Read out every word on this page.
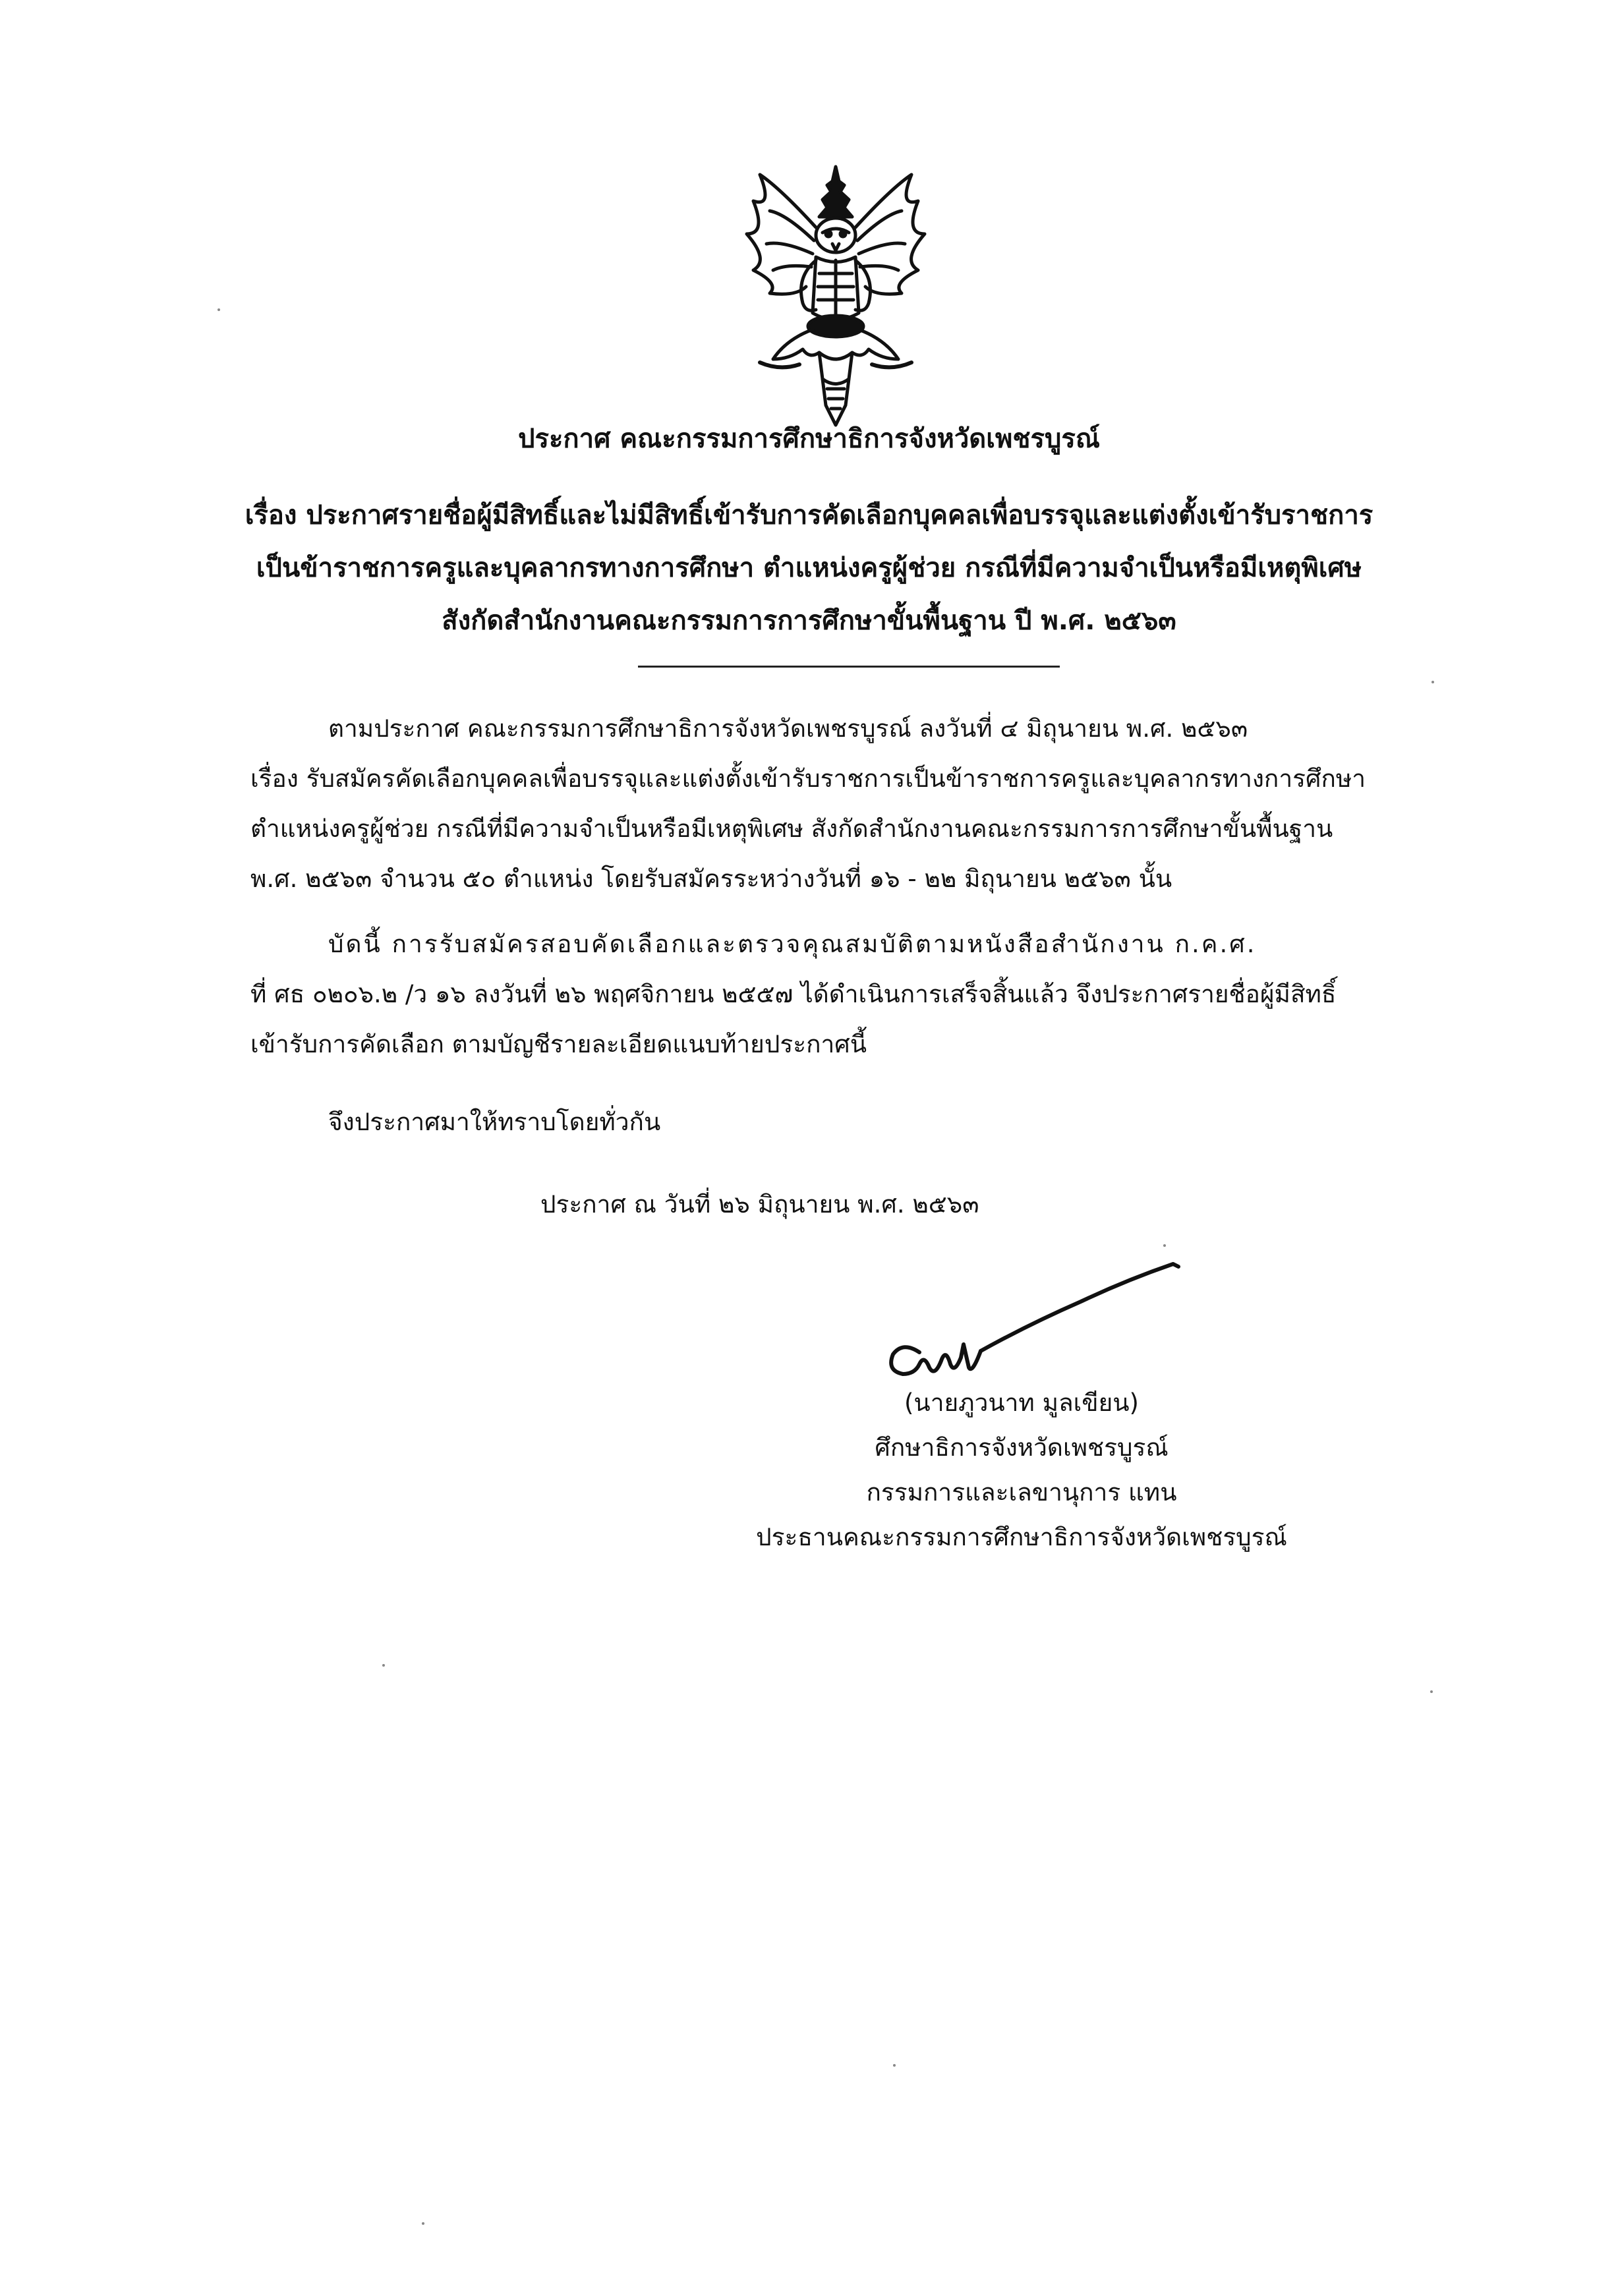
ประกาศ คณะกรรมการศึกษาธิการจังหวัดเพชรบูรณ์
เรื่อง ประกาศรายชื่อผู้มีสิทธิ์และไม่มีสิทธิ์เข้ารับการคัดเลือกบุคคลเพื่อบรรจุและแต่งตั้งเข้ารับราชการ
เป็นข้าราชการครูและบุคลากรทางการศึกษา ตำแหน่งครูผู้ช่วย กรณีที่มีความจำเป็นหรือมีเหตุพิเศษ
สังกัดสำนักงานคณะกรรมการการศึกษาขั้นพื้นฐาน ปี พ.ศ. ๒๕๖๓
ตามประกาศ คณะกรรมการศึกษาธิการจังหวัดเพชรบูรณ์ ลงวันที่ ๔ มิถุนายน พ.ศ. ๒๕๖๓
เรื่อง รับสมัครคัดเลือกบุคคลเพื่อบรรจุและแต่งตั้งเข้ารับราชการเป็นข้าราชการครูและบุคลากรทางการศึกษา
ตำแหน่งครูผู้ช่วย กรณีที่มีความจำเป็นหรือมีเหตุพิเศษ สังกัดสำนักงานคณะกรรมการการศึกษาขั้นพื้นฐาน
พ.ศ. ๒๕๖๓ จำนวน ๕๐ ตำแหน่ง โดยรับสมัครระหว่างวันที่ ๑๖ - ๒๒ มิถุนายน ๒๕๖๓ นั้น
บัดนี้ การรับสมัครสอบคัดเลือกและตรวจคุณสมบัติตามหนังสือสำนักงาน ก.ค.ศ.
ที่ ศธ ๐๒๐๖.๒ /ว ๑๖ ลงวันที่ ๒๖ พฤศจิกายน ๒๕๕๗ ได้ดำเนินการเสร็จสิ้นแล้ว จึงประกาศรายชื่อผู้มีสิทธิ์
เข้ารับการคัดเลือก ตามบัญชีรายละเอียดแนบท้ายประกาศนี้
จึงประกาศมาให้ทราบโดยทั่วกัน
ประกาศ ณ วันที่ ๒๖ มิถุนายน พ.ศ. ๒๕๖๓
(นายภูวนาท มูลเขียน)
ศึกษาธิการจังหวัดเพชรบูรณ์
กรรมการและเลขานุการ แทน
ประธานคณะกรรมการศึกษาธิการจังหวัดเพชรบูรณ์
